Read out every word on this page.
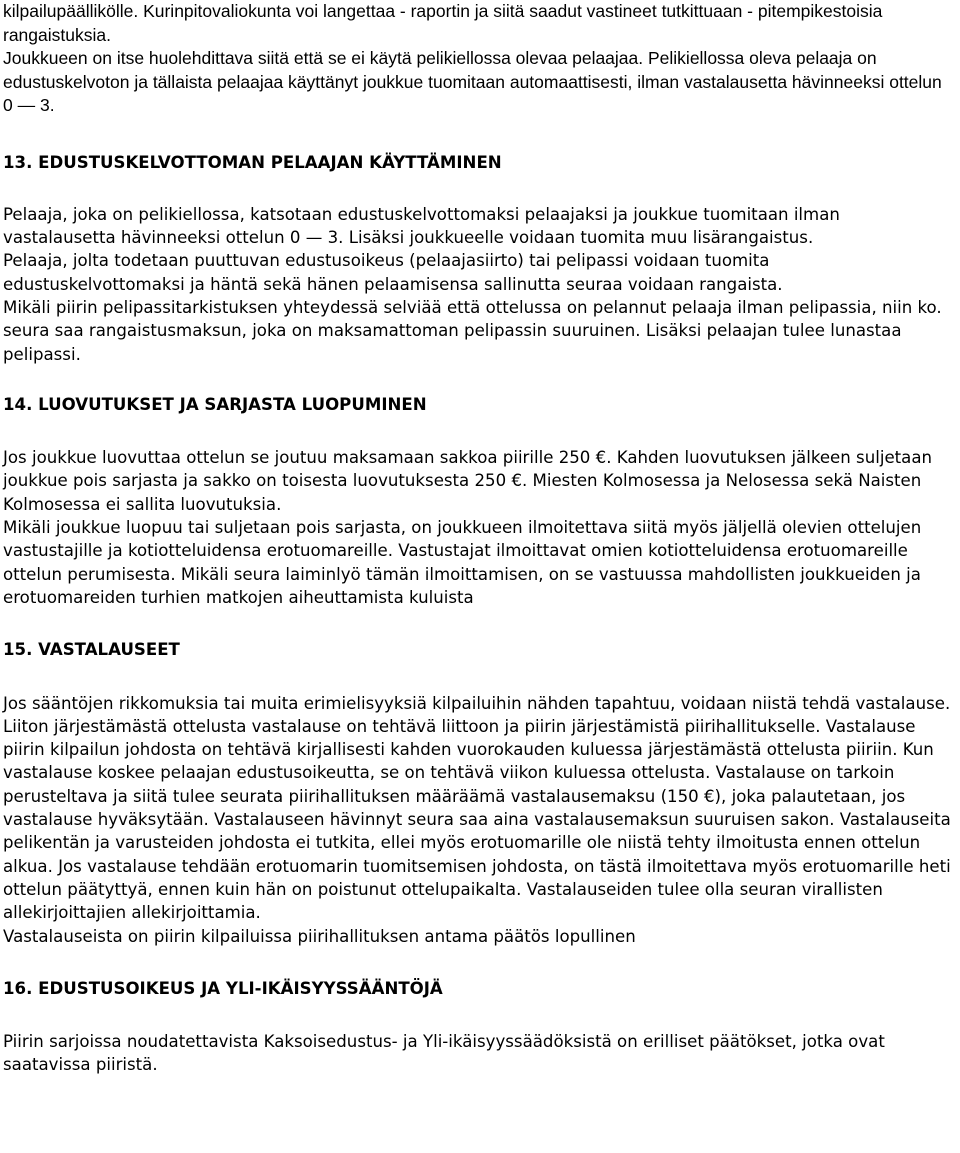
kilpailupäällikölle. Kurinpitovaliokunta voi langettaa - raportin ja siitä saadut vastineet tutkittuaan - pitempikestoisia rangaistuksia.

Joukkueen on itse huolehdittava siitä että se ei käytä pelikiellossa olevaa pelaajaa. Pelikiellossa oleva pelaaja on edustuskelvoton ja tällaista pelaajaa käyttänyt joukkue tuomitaan automaattisesti, ilman vastalausetta hävinneeksi ottelun 0 — 3.

13. EDUSTUSKELVOTTOMAN PELAAJAN KÄYTTÄMINEN

Pelaaja, joka on pelikiellossa, katsotaan edustuskelvottomaksi pelaajaksi ja joukkue tuomitaan ilman vastalausetta hävinneeksi ottelun 0 — 3. Lisäksi joukkueelle voidaan tuomita muu lisärangaistus.

Pelaaja, jolta todetaan puuttuvan edustusoikeus (pelaajasiirto) tai pelipassi voidaan tuomita edustuskelvottomaksi ja häntä sekä hänen pelaamisensa sallinutta seuraa voidaan rangaista.

Mikäli piirin pelipassitarkistuksen yhteydessä selviää että ottelussa on pelannut pelaaja ilman pelipassia, niin ko. seura saa rangaistusmaksun, joka on maksamattoman pelipassin suuruinen. Lisäksi pelaajan tulee lunastaa pelipassi.

14. LUOVUTUKSET JA SARJASTA LUOPUMINEN

Jos joukkue luovuttaa ottelun se joutuu maksamaan sakkoa piirille 250 €. Kahden luovutuksen jälkeen suljetaan joukkue pois sarjasta ja sakko on toisesta luovutuksesta 250 €. Miesten Kolmosessa ja Nelosessa sekä Naisten Kolmosessa ei sallita luovutuksia.

Mikäli joukkue luopuu tai suljetaan pois sarjasta, on joukkueen ilmoitettava siitä myös jäljellä olevien ottelujen vastustajille ja kotiotteluidensa erotuomareille. Vastustajat ilmoittavat omien kotiotteluidensa erotuomareille ottelun perumisesta. Mikäli seura laiminlyö tämän ilmoittamisen, on se vastuussa mahdollisten joukkueiden ja erotuomareiden turhien matkojen aiheuttamista kuluista

15. VASTALAUSEET

Jos sääntöjen rikkomuksia tai muita erimielisyyksiä kilpailuihin nähden tapahtuu, voidaan niistä tehdä vastalause. Liiton järjestämästä ottelusta vastalause on tehtävä liittoon ja piirin järjestämistä piirihallitukselle. Vastalause piirin kilpailun johdosta on tehtävä kirjallisesti kahden vuorokauden kuluessa järjestämästä ottelusta piiriin. Kun vastalause koskee pelaajan edustusoikeutta, se on tehtävä viikon kuluessa ottelusta. Vastalause on tarkoin perusteltava ja siitä tulee seurata piirihallituksen määräämä vastalausemaksu (150 €), joka palautetaan, jos vastalause hyväksytään. Vastalauseen hävinnyt seura saa aina vastalausemaksun suuruisen sakon. Vastalauseita pelikentän ja varusteiden johdosta ei tutkita, ellei myös erotuomarille ole niistä tehty ilmoitusta ennen ottelun alkua. Jos vastalause tehdään erotuomarin tuomitsemisen johdosta, on tästä ilmoitettava myös erotuomarille heti ottelun päätyttyä, ennen kuin hän on poistunut ottelupaikalta. Vastalauseiden tulee olla seuran virallisten allekirjoittajien allekirjoittamia.

Vastalauseista on piirin kilpailuissa piirihallituksen antama päätös lopullinen

16. EDUSTUSOIKEUS JA YLI-IKÄISYYSSÄÄNTÖJÄ

Piirin sarjoissa noudatettavista Kaksoisedustus- ja Yli-ikäisyyssäädöksistä on erilliset päätökset, jotka ovat saatavissa piiristä.
